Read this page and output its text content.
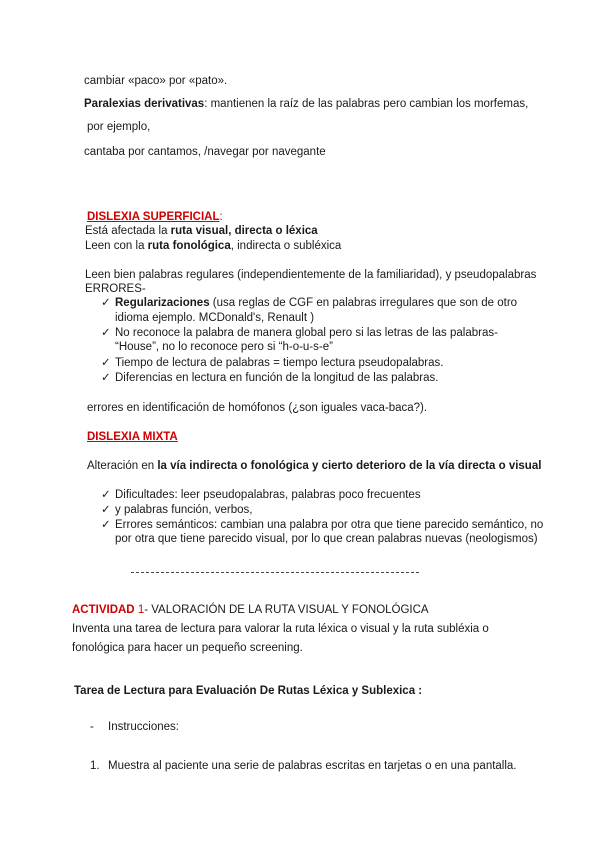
cambiar «paco» por «pato».
Paralexias derivativas: mantienen la raíz de las palabras pero cambian los morfemas,
por ejemplo,
cantaba por cantamos, /navegar por navegante
DISLEXIA SUPERFICIAL:
Está afectada la ruta visual, directa o léxica
Leen con la ruta fonológica, indirecta o subléxica
Leen bien palabras regulares (independientemente de la familiaridad), y pseudopalabras
ERRORES-
✓ Regularizaciones (usa reglas de CGF en palabras irregulares que son de otro
idioma ejemplo. MCDonald's, Renault )
✓ No reconoce la palabra de manera global pero si las letras de las palabras-
“House”, no lo reconoce pero si “h-o-u-s-e”
✓ Tiempo de lectura de palabras = tiempo lectura pseudopalabras.
✓ Diferencias en lectura en función de la longitud de las palabras.
errores en identificación de homófonos (¿son iguales vaca-baca?).
DISLEXIA MIXTA
Alteración en la vía indirecta o fonológica y cierto deterioro de la vía directa o visual
✓ Dificultades: leer pseudopalabras, palabras poco frecuentes
✓ y palabras función, verbos,
✓ Errores semánticos: cambian una palabra por otra que tiene parecido semántico, no
por otra que tiene parecido visual, por lo que crean palabras nuevas (neologismos)
ACTIVIDAD 1- VALORACIÓN DE LA RUTA VISUAL Y FONOLÓGICA
Inventa una tarea de lectura para valorar la ruta léxica o visual y la ruta subléxia o
fonológica para hacer un pequeño screening.
Tarea de Lectura para Evaluación De Rutas Léxica y Sublexica :
- Instrucciones:
1. Muestra al paciente una serie de palabras escritas en tarjetas o en una pantalla.
